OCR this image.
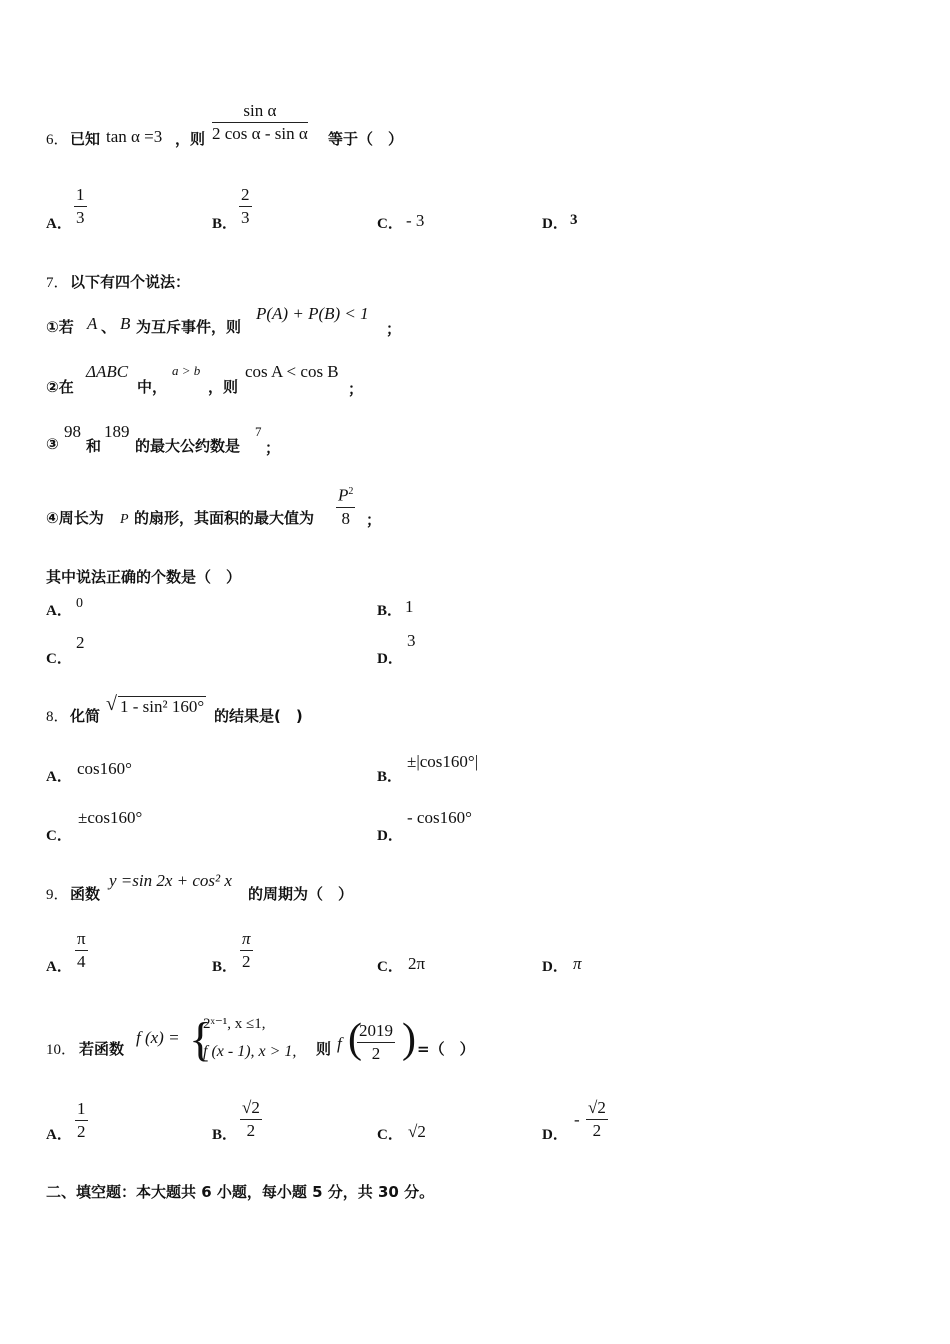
6． 已知 tan α =3 ，则 $\frac{\text{sin α}}{\text{2 cos α - sin α}}$ 等于（　）
A． $\frac{1}{3}$	B． $\frac{2}{3}$	C． - 3	D． 3
7． 以下有四个说法：
①若 A 、 B 为互斥事件，则
P(A) + P(B) < 1
；
②在
ΔABC
中，
a > b
，则
cos A < cos B
；
③
98
和
189
的最大公约数是
7
；
④周长为 P 的扇形，其面积的最大值为 $\frac{P^2}{8}$ ；
其中说法正确的个数是（　）
A． 0	B． 1
C．
2
D．
3
8． 化简
√ 1 - sin² 160° 的结果是(　)
A． cos160°	B．
±|cos160°|
C．
±cos160°
D．
- cos160°
9． 函数
y =sin 2x + cos² x
的周期为（　）
A． $\frac{\pi}{4}$	B． $\frac{\pi}{2}$	C． 2π	D． π
10． 若函数
f (x) = {
2ˣ⁻¹, x ≤1,
f (x - 1), x > 1, 则 f (
$\frac{2019}{2}$ ) =（　）
A． $\frac{1}{2}$	B． $\frac{√2}{2}$	C． √2	D．
- $\frac{√2}{2}$
二、填空题：本大题共 6 小题，每小题 5 分，共 30 分。
